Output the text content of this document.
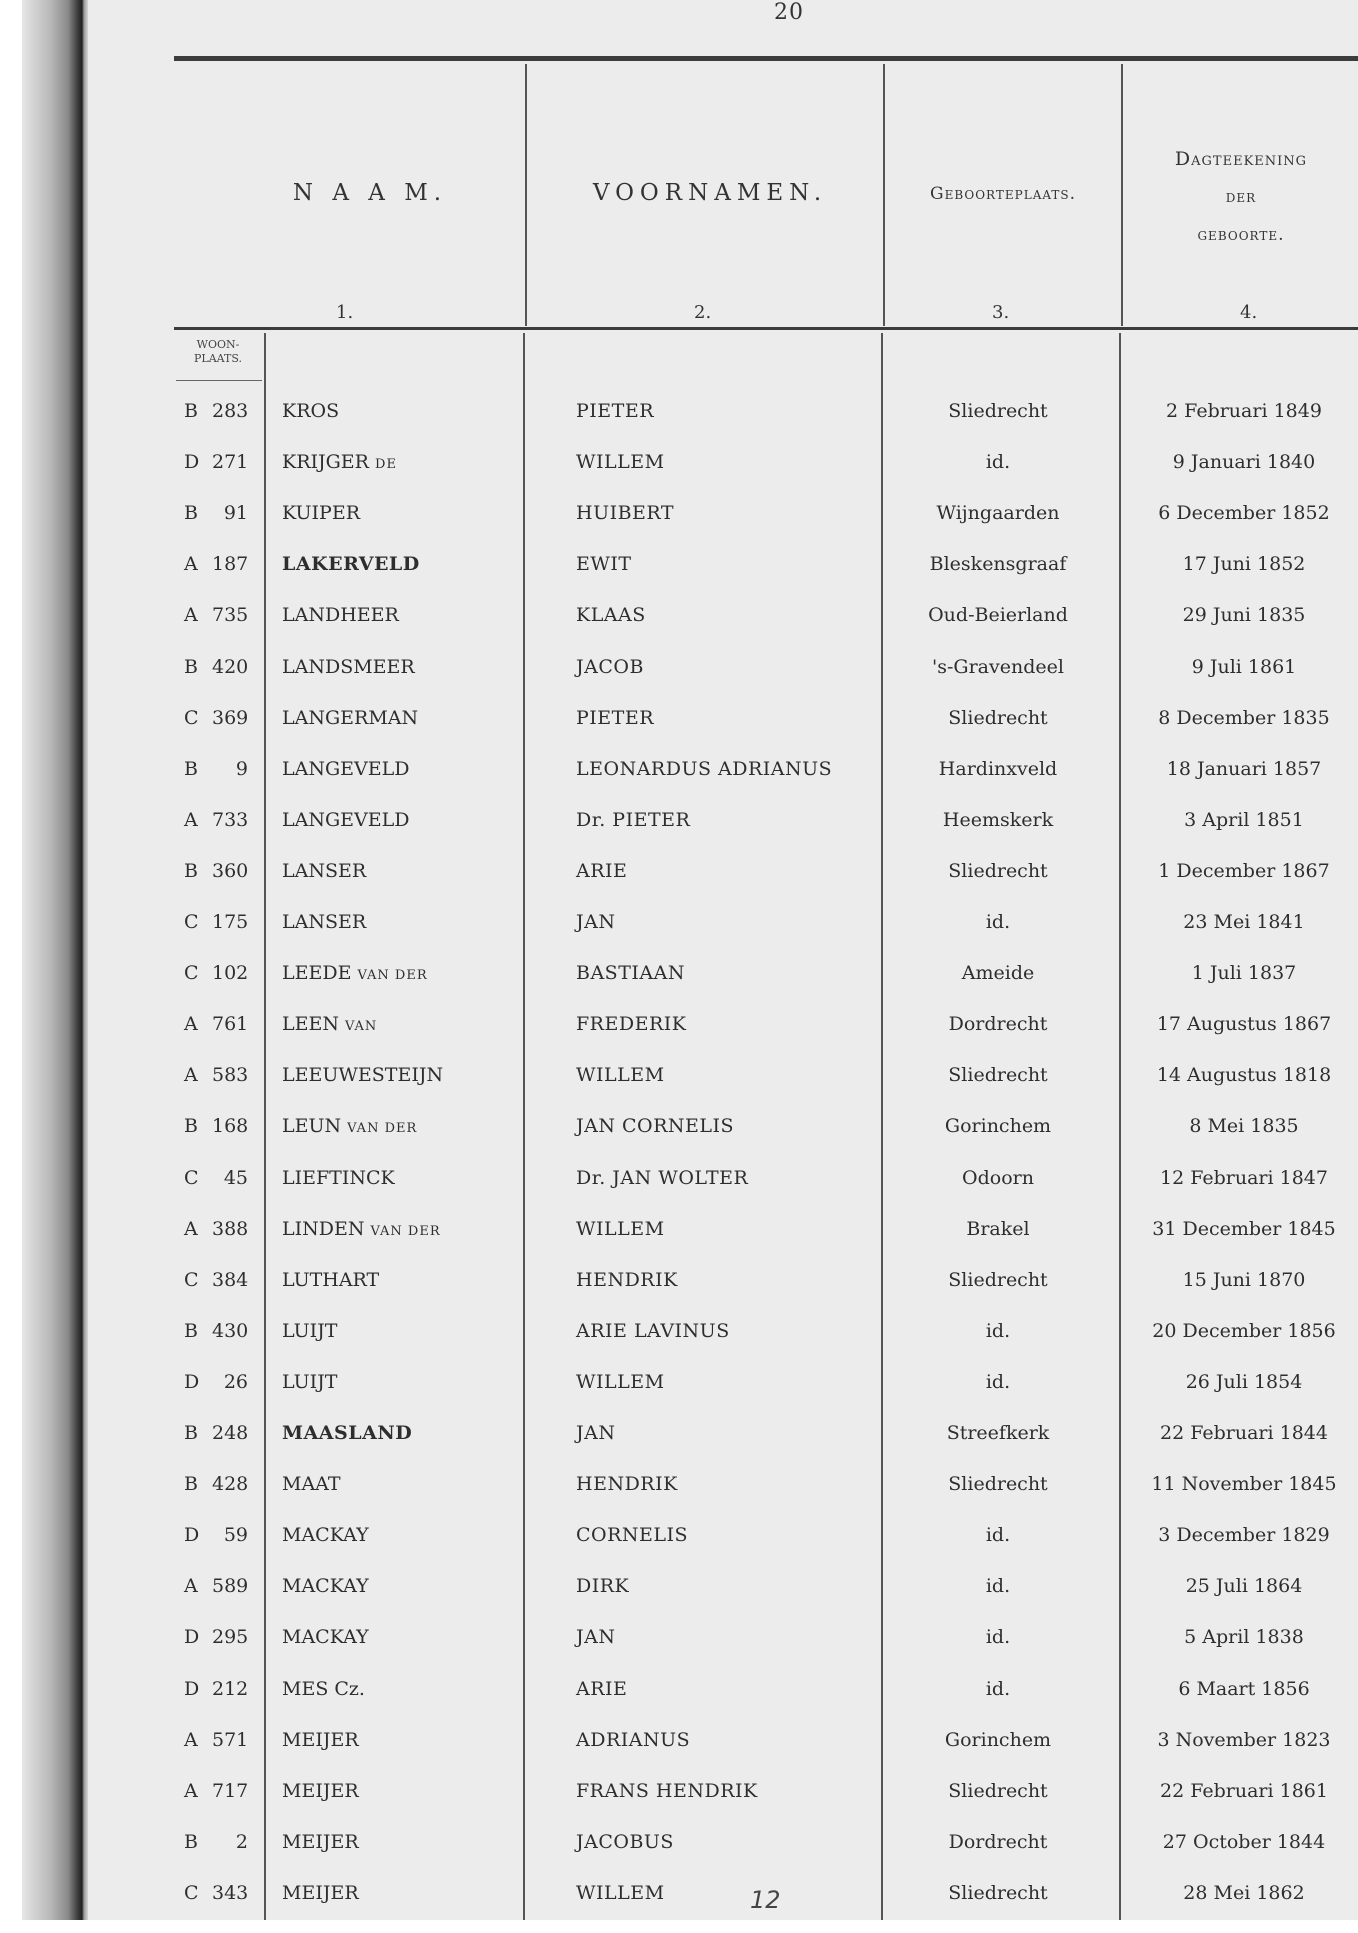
20
N A A M.	VOORNAMEN.	Geboorteplaats.
Dagteekening
der
geboorte.
1.	2.	3.	4.
WOON-
PLAATS.
B 283 KROS	PIETER	Sliedrecht	2 Februari 1849
D 271 KRIJGER DE	WILLEM	id.	9 Januari 1840
B	91 KUIPER	HUIBERT	Wijngaarden	6 December 1852
A 187 LAKERVELD	EWIT	Bleskensgraaf	17 Juni 1852
A 735 LANDHEER	KLAAS	Oud-Beierland	29 Juni 1835
B 420 LANDSMEER	JACOB	's-Gravendeel	9 Juli 1861
C 369 LANGERMAN	PIETER	Sliedrecht	8 December 1835
B	9 LANGEVELD	LEONARDUS ADRIANUS	Hardinxveld	18 Januari 1857
A 733 LANGEVELD	Dr. PIETER	Heemskerk	3 April 1851
B 360 LANSER	ARIE	Sliedrecht	1 December 1867
C 175 LANSER	JAN	id.	23 Mei 1841
C 102 LEEDE VAN DER	BASTIAAN	Ameide	1 Juli 1837
A 761 LEEN VAN	FREDERIK	Dordrecht	17 Augustus 1867
A 583 LEEUWESTEIJN	WILLEM	Sliedrecht	14 Augustus 1818
B 168 LEUN VAN DER	JAN CORNELIS	Gorinchem	8 Mei 1835
C	45 LIEFTINCK	Dr. JAN WOLTER	Odoorn	12 Februari 1847
A 388 LINDEN VAN DER	WILLEM	Brakel	31 December 1845
C 384 LUTHART	HENDRIK	Sliedrecht	15 Juni 1870
B 430 LUIJT	ARIE LAVINUS	id.	20 December 1856
D	26 LUIJT	WILLEM	id.	26 Juli 1854
B 248 MAASLAND	JAN	Streefkerk	22 Februari 1844
B 428 MAAT	HENDRIK	Sliedrecht	11 November 1845
D	59 MACKAY	CORNELIS	id.	3 December 1829
A 589 MACKAY	DIRK	id.	25 Juli 1864
D 295 MACKAY	JAN	id.	5 April 1838
D 212 MES Cz.	ARIE	id.	6 Maart 1856
A 571 MEIJER	ADRIANUS	Gorinchem	3 November 1823
A 717 MEIJER	FRANS HENDRIK	Sliedrecht	22 Februari 1861
B	2 MEIJER	JACOBUS	Dordrecht	27 October 1844
C 343 MEIJER	WILLEM	Sliedrecht	28 Mei 1862
12
